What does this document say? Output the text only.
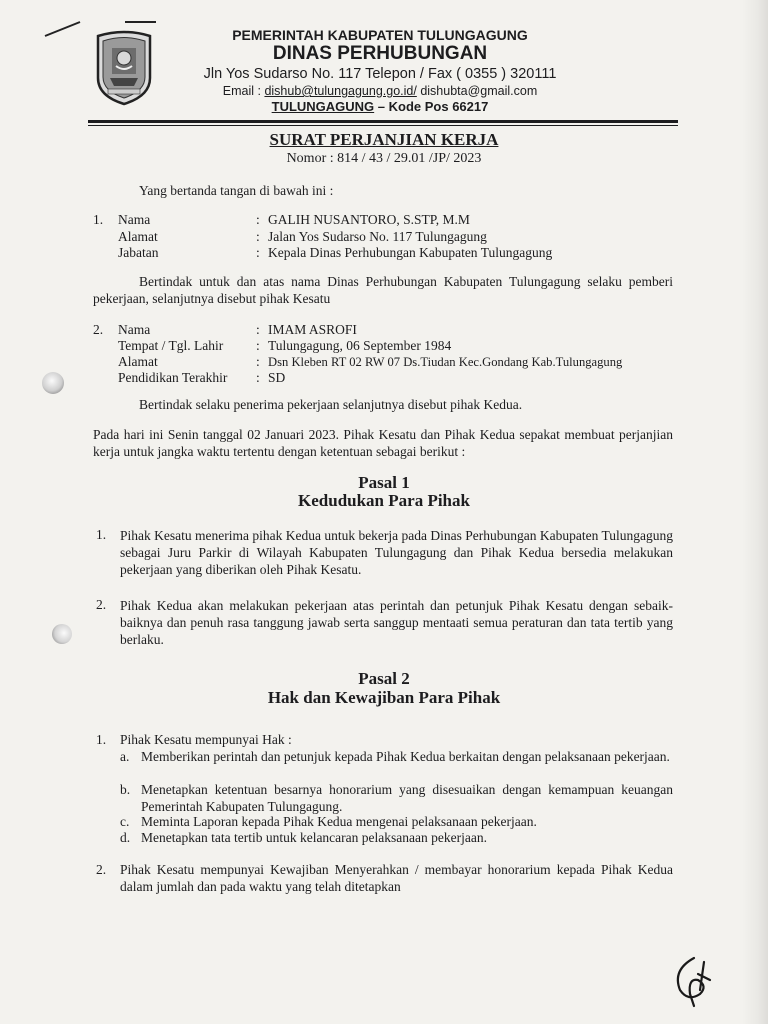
PEMERINTAH KABUPATEN TULUNGAGUNG
DINAS PERHUBUNGAN
Jln Yos Sudarso No. 117 Telepon / Fax ( 0355 ) 320111
Email : dishub@tulungagung.go.id/ dishubta@gmail.com
TULUNGAGUNG – Kode Pos 66217
SURAT PERJANJIAN KERJA
Nomor : 814 / 43 / 29.01 /JP/ 2023
Yang bertanda tangan di bawah ini :
1. Nama	: GALIH NUSANTORO, S.STP, M.M
Alamat	: Jalan Yos Sudarso No. 117 Tulungagung
Jabatan	: Kepala Dinas Perhubungan Kabupaten Tulungagung
Bertindak untuk dan atas nama Dinas Perhubungan Kabupaten Tulungagung selaku pemberi pekerjaan, selanjutnya disebut pihak Kesatu
2. Nama	: IMAM ASROFI
Tempat / Tgl. Lahir : Tulungagung, 06 September 1984
Alamat	: Dsn Kleben RT 02 RW 07 Ds.Tiudan Kec.Gondang Kab.Tulungagung
Pendidikan Terakhir : SD
Bertindak selaku penerima pekerjaan selanjutnya disebut pihak Kedua.
Pada hari ini Senin tanggal 02 Januari 2023. Pihak Kesatu dan Pihak Kedua sepakat membuat perjanjian kerja untuk jangka waktu tertentu dengan ketentuan sebagai berikut :
Pasal 1
Kedudukan Para Pihak
1. Pihak Kesatu menerima pihak Kedua untuk bekerja pada Dinas Perhubungan Kabupaten Tulungagung sebagai Juru Parkir di Wilayah Kabupaten Tulungagung dan Pihak Kedua bersedia melakukan pekerjaan yang diberikan oleh Pihak Kesatu.
2. Pihak Kedua akan melakukan pekerjaan atas perintah dan petunjuk Pihak Kesatu dengan sebaik-baiknya dan penuh rasa tanggung jawab serta sanggup mentaati semua peraturan dan tata tertib yang berlaku.
Pasal 2
Hak dan Kewajiban Para Pihak
1. Pihak Kesatu mempunyai Hak :
a. Memberikan perintah dan petunjuk kepada Pihak Kedua berkaitan dengan pelaksanaan pekerjaan.
b. Menetapkan ketentuan besarnya honorarium yang disesuaikan dengan kemampuan keuangan Pemerintah Kabupaten Tulungagung.
c. Meminta Laporan kepada Pihak Kedua mengenai pelaksanaan pekerjaan.
d. Menetapkan tata tertib untuk kelancaran pelaksanaan pekerjaan.
2. Pihak Kesatu mempunyai Kewajiban Menyerahkan / membayar honorarium kepada Pihak Kedua dalam jumlah dan pada waktu yang telah ditetapkan
